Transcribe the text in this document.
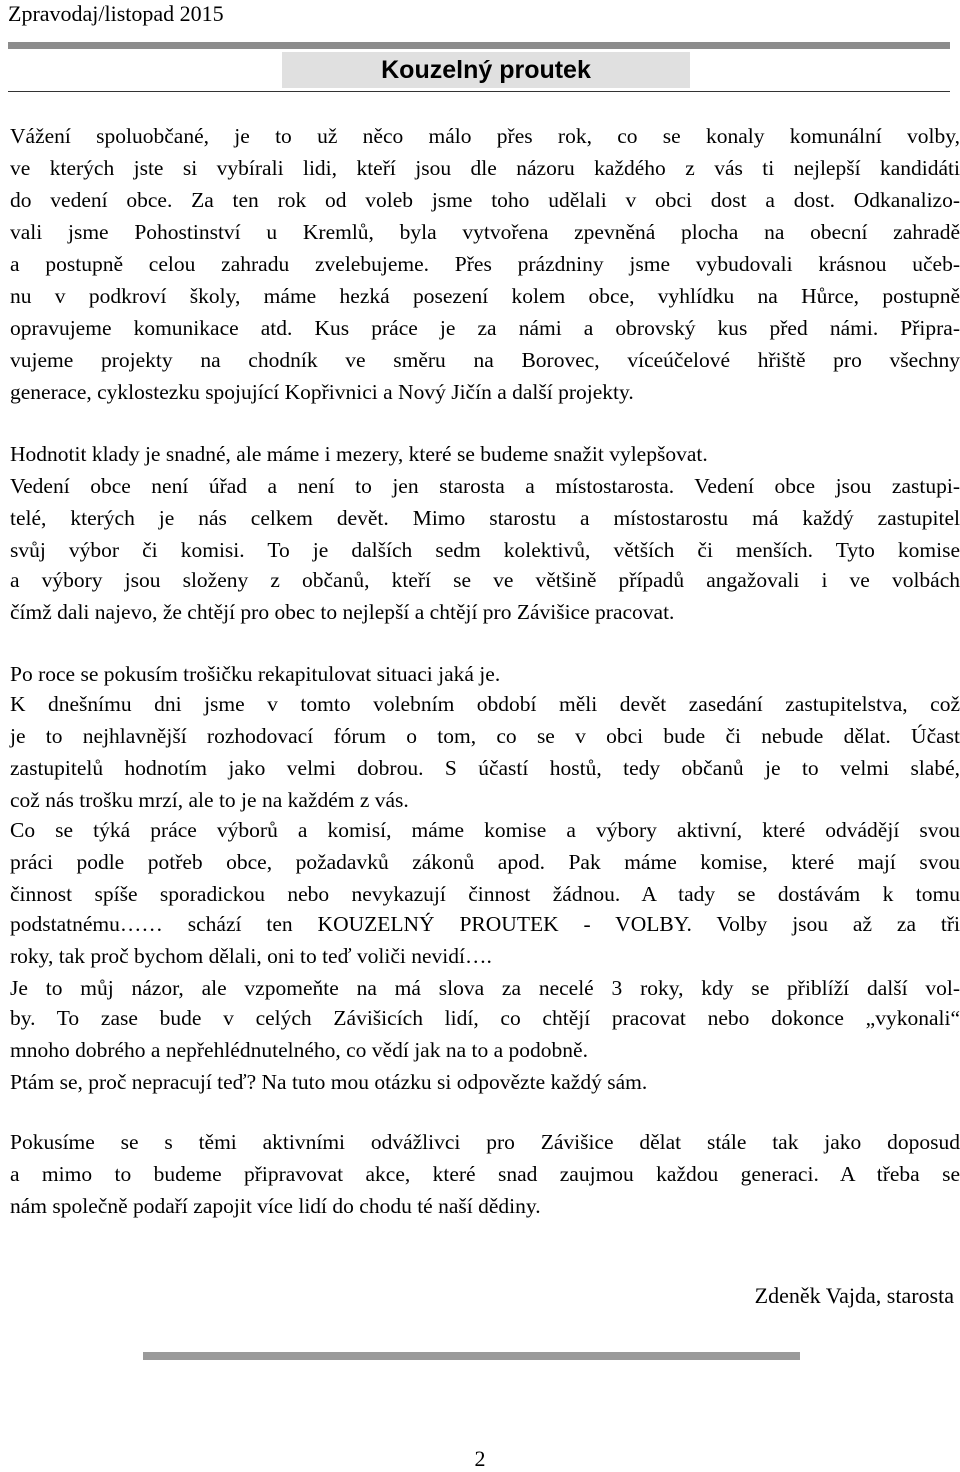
Zpravodaj/listopad 2015
Kouzelný proutek
Vážení spoluobčané, je to už něco málo přes rok, co se konaly komunální volby,
ve kterých jste si vybírali lidi, kteří jsou dle názoru každého z vás ti nejlepší kandidáti
do vedení obce. Za ten rok od voleb jsme toho udělali v obci dost a dost. Odkanalizo-
vali jsme Pohostinství u Kremlů, byla vytvořena zpevněná plocha na obecní zahradě
a postupně celou zahradu zvelebujeme. Přes prázdniny jsme vybudovali krásnou učeb-
nu v podkroví školy, máme hezká posezení kolem obce, vyhlídku na Hůrce, postupně
opravujeme komunikace atd. Kus práce je za námi a obrovský kus před námi. Připra-
vujeme projekty na chodník ve směru na Borovec, víceúčelové hřiště pro všechny
generace, cyklostezku spojující Kopřivnici a Nový Jičín a další projekty.
Hodnotit klady je snadné, ale máme i mezery, které se budeme snažit vylepšovat.
Vedení obce není úřad a není to jen starosta a místostarosta. Vedení obce jsou zastupi-
telé, kterých je nás celkem devět. Mimo starostu a místostarostu má každý zastupitel
svůj výbor či komisi. To je dalších sedm kolektivů, větších či menších. Tyto komise
a výbory jsou složeny z občanů, kteří se ve většině případů angažovali i ve volbách
čímž dali najevo, že chtějí pro obec to nejlepší a chtějí pro Závišice pracovat.
Po roce se pokusím trošičku rekapitulovat situaci jaká je.
K dnešnímu dni jsme v tomto volebním období měli devět zasedání zastupitelstva, což
je to nejhlavnější rozhodovací fórum o tom, co se v obci bude či nebude dělat. Účast
zastupitelů hodnotím jako velmi dobrou. S účastí hostů, tedy občanů je to velmi slabé,
což nás trošku mrzí, ale to je na každém z vás.
Co se týká práce výborů a komisí, máme komise a výbory aktivní, které odvádějí svou
práci podle potřeb obce, požadavků zákonů apod. Pak máme komise, které mají svou
činnost spíše sporadickou nebo nevykazují činnost žádnou. A tady se dostávám k tomu
podstatnému…… schází ten KOUZELNÝ PROUTEK - VOLBY. Volby jsou až za tři
roky, tak proč bychom dělali, oni to teď voliči nevidí….
Je to můj názor, ale vzpomeňte na má slova za necelé 3 roky, kdy se přiblíží další vol-
by. To zase bude v celých Závišicích lidí, co chtějí pracovat nebo dokonce „vykonali“
mnoho dobrého a nepřehlédnutelného, co vědí jak na to a podobně.
Ptám se, proč nepracují teď? Na tuto mou otázku si odpovězte každý sám.
Pokusíme se s těmi aktivními odvážlivci pro Závišice dělat stále tak jako doposud
a mimo to budeme připravovat akce, které snad zaujmou každou generaci. A třeba se
nám společně podaří zapojit více lidí do chodu té naší dědiny.
Zdeněk Vajda, starosta
2
